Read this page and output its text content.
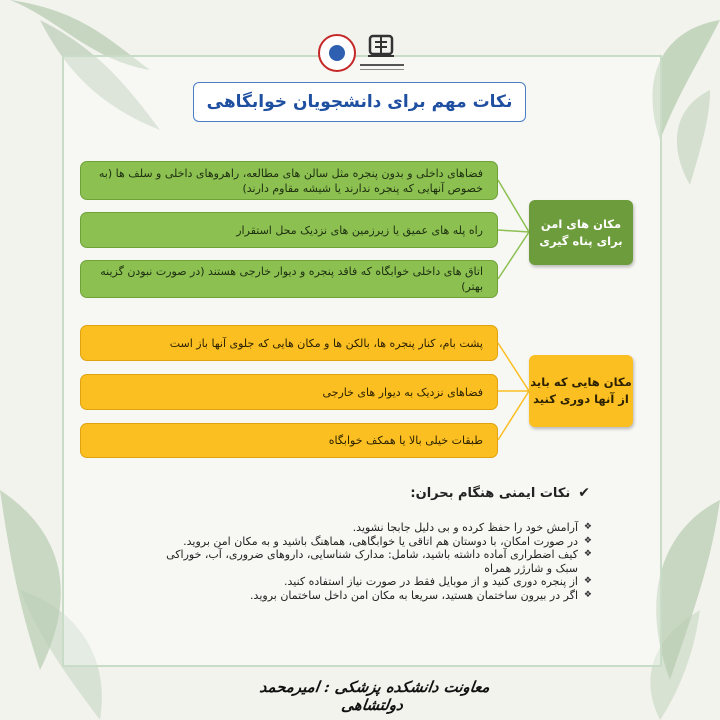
نکات مهم برای دانشجویان خوابگاهی
فضاهای داخلی و بدون پنجره مثل سالن های مطالعه، راهروهای داخلی و سلف ها (به خصوص آنهایی که پنجره ندارند یا شیشه مقاوم دارند)
راه پله های عمیق یا زیرزمین های نزدیک محل استقرار
اتاق های داخلی خوابگاه که فاقد پنجره و دیوار خارجی هستند (در صورت نبودن گزینه بهتر)
مکان های امن برای پناه گیری
پشت بام، کنار پنجره ها، بالکن ها و مکان هایی که جلوی آنها باز است
فضاهای نزدیک به دیوار های خارجی
طبقات خیلی بالا یا همکف خوابگاه
مکان هایی که باید از آنها دوری کنید
✔
نکات ایمنی هنگام بحران:
❖ آرامش خود را حفظ کرده و بی دلیل جابجا نشوید.
❖ در صورت امکان، با دوستان هم اتاقی یا خوابگاهی، هماهنگ باشید و به مکان امن بروید.
❖ کیف اضطراری آماده داشته باشید، شامل: مدارک شناسایی، داروهای ضروری، آب، خوراکی سبک و شارژر همراه
❖ از پنجره دوری کنید و از موبایل فقط در صورت نیاز استفاده کنید.
❖ اگر در بیرون ساختمان هستید، سریعا به مکان امن داخل ساختمان بروید.
معاونت دانشکده پزشکی : امیرمحمد دولتشاهی
